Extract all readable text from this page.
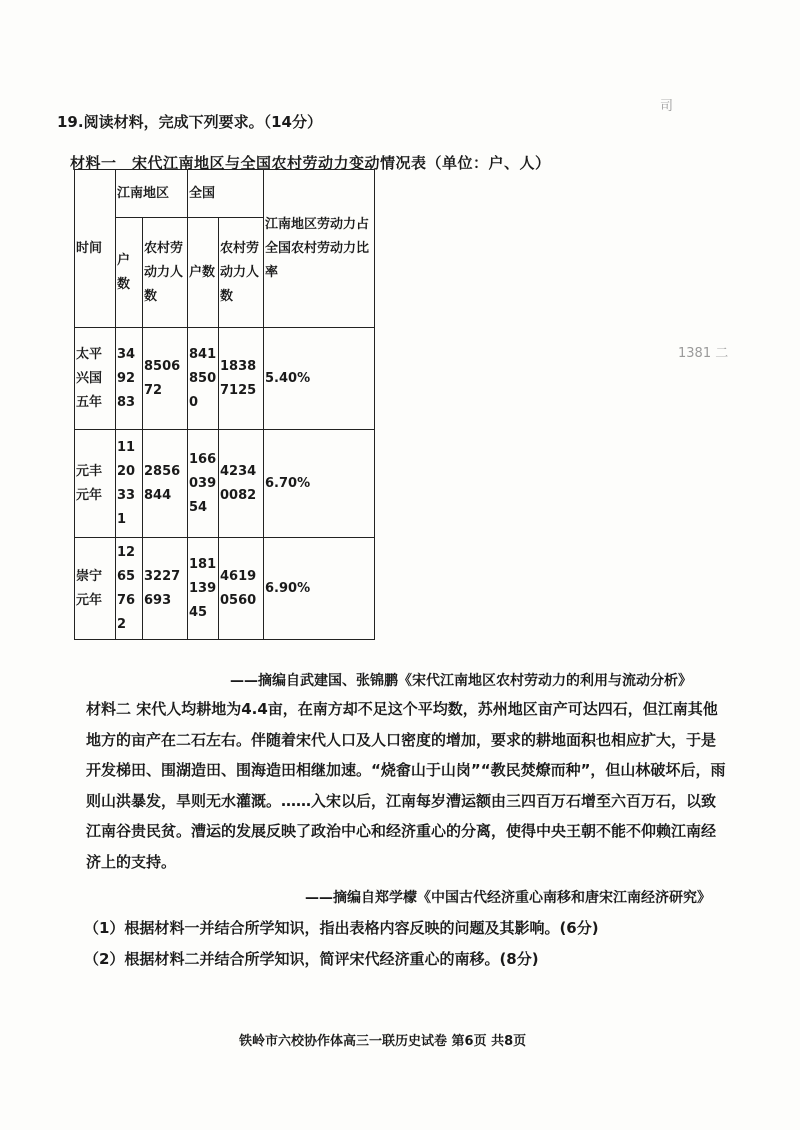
19.阅读材料，完成下列要求。（14分）
司
1381 二
材料一　宋代江南地区与全国农村劳动力变动情况表（单位：户、人）
时间	江南地区		全国		江南地区劳动力占全国农村劳动力比率
	户数	农村劳动力人数	户数	农村劳动力人数	
太平兴国五年	349283	850672	8418500	18387125	5.40%
元丰元年	1120331	2856844	16603954	42340082	6.70%
崇宁元年	1265762	3227693	18113945	46190560	6.90%
——摘编自武建国、张锦鹏《宋代江南地区农村劳动力的利用与流动分析》
材料二 宋代人均耕地为4.4亩，在南方却不足这个平均数，苏州地区亩产可达四石，但江南其他地方的亩产在二石左右。伴随着宋代人口及人口密度的增加，要求的耕地面积也相应扩大，于是开发梯田、围湖造田、围海造田相继加速。“烧畲山于山岗”“教民焚燎而种”，但山林破坏后，雨则山洪暴发，旱则无水灌溉。……入宋以后，江南每岁漕运额由三四百万石增至六百万石，以致江南谷贵民贫。漕运的发展反映了政治中心和经济重心的分离，使得中央王朝不能不仰赖江南经济上的支持。
——摘编自郑学檬《中国古代经济重心南移和唐宋江南经济研究》
（1）根据材料一并结合所学知识，指出表格内容反映的问题及其影响。(6分)
（2）根据材料二并结合所学知识，简评宋代经济重心的南移。(8分)
铁岭市六校协作体高三一联历史试卷 第6页 共8页
